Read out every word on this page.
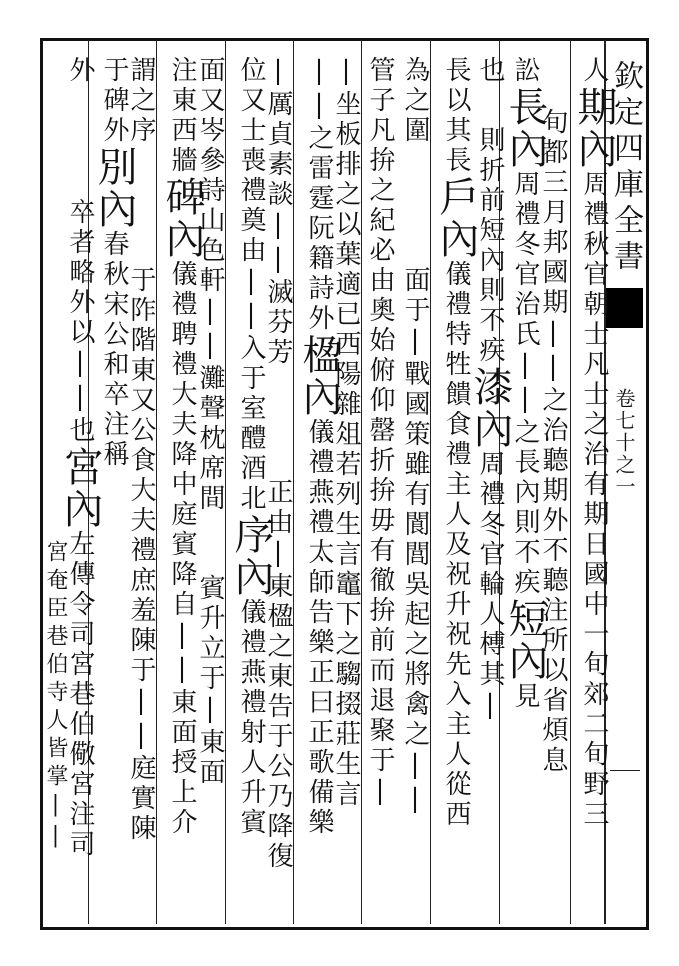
欽定四庫全書
卷七十之一
人期內周禮秋官朝士凡士之治有期日國中一旬郊二旬野三
旬都三月邦國期||之治聽期外不聽注所以省煩息
訟長內周禮冬官治氏||之長內則不疾短內見
也則折前短內則不疾漆內周禮冬官輪人榑其|
長以其長戶內儀禮特牲饋食禮主人及祝升祝先入主人從西
為之圍面于|戰國策雖有閬閭吳起之將禽之||
管子凡拚之紀必由奧始俯仰罄折拚毋有徹拚前而退聚于|
|坐板排之以葉適已西陽雜俎若列生言竈下之騶掇莊生言
||之雷霆阮籍詩外楹內儀禮燕禮太師告樂正曰正歌備樂
|厲貞素談||滅芬芳正由|東楹之東告于公乃降復
位又士喪禮奠由||入于室醴酒北序內儀禮燕禮射人升賓
面又岑參詩山色軒||灘聲枕席間賓升立于|東面
注東西牆碑內儀禮聘禮大夫降中庭賓降自||東面授上介
謂之序于阼階東又公食大夫禮庶羞陳于||庭實陳
于碑外別內春秋宋公和卒注稱
外卒者略外以||也宮內左傳令司宮巷伯儆宮注司
宮奄臣巷伯寺人皆掌||
